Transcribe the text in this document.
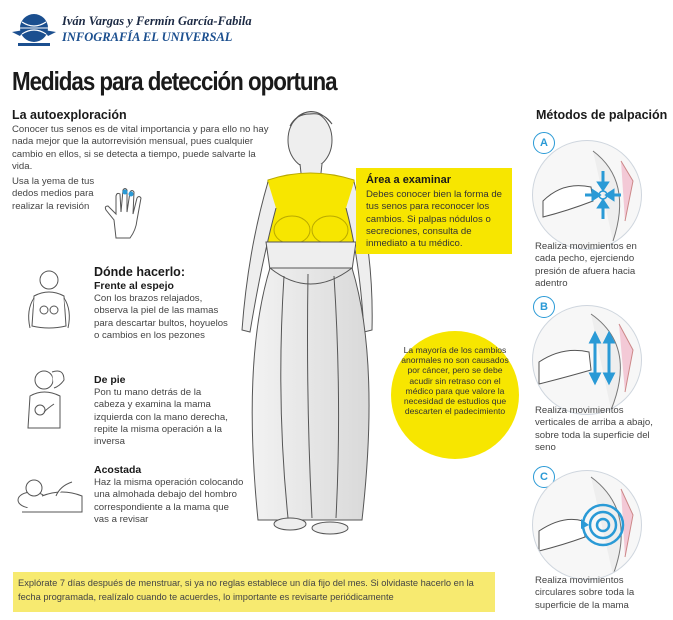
Iván Vargas y Fermín García-Fabila
INFOGRAFÍA EL UNIVERSAL
Medidas para detección oportuna
La autoexploración
Conocer tus senos es de vital importancia y para ello no hay nada mejor que la autorrevisión mensual, pues cualquier cambio en ellos, si se detecta a tiempo, puede salvarte la vida.
Usa la yema de tus dedos medios para realizar la revisión
Dónde hacerlo:
Frente al espejo
Con los brazos relajados, observa la piel de las mamas para descartar bultos, hoyuelos o cambios en los pezones
De pie
Pon tu mano detrás de la cabeza y examina la mama izquierda con la mano derecha, repite la misma operación a la inversa
Acostada
Haz la misma operación colocando una almohada debajo del hombro correspondiente a la mama que vas a revisar
Área a examinar
Debes conocer bien la forma de tus senos para reconocer los cambios. Si palpas nódulos o secreciones, consulta de inmediato a tu médico.
La mayoría de los cambios anormales no son causados por cáncer, pero se debe acudir sin retraso con el médico para que valore la necesidad de estudios que descarten el padecimiento
Métodos de palpación
A
Realiza movimientos en cada pecho, ejerciendo presión de afuera hacia adentro
B
Realiza movimientos verticales de arriba a abajo, sobre toda la superficie del seno
C
Realiza movimientos circulares sobre toda la superficie de la mama
Explórate 7 días después de menstruar, si ya no reglas establece un día fijo del mes. Si olvidaste hacerlo en la fecha programada, realízalo cuando te acuerdes, lo importante es revisarte periódicamente
